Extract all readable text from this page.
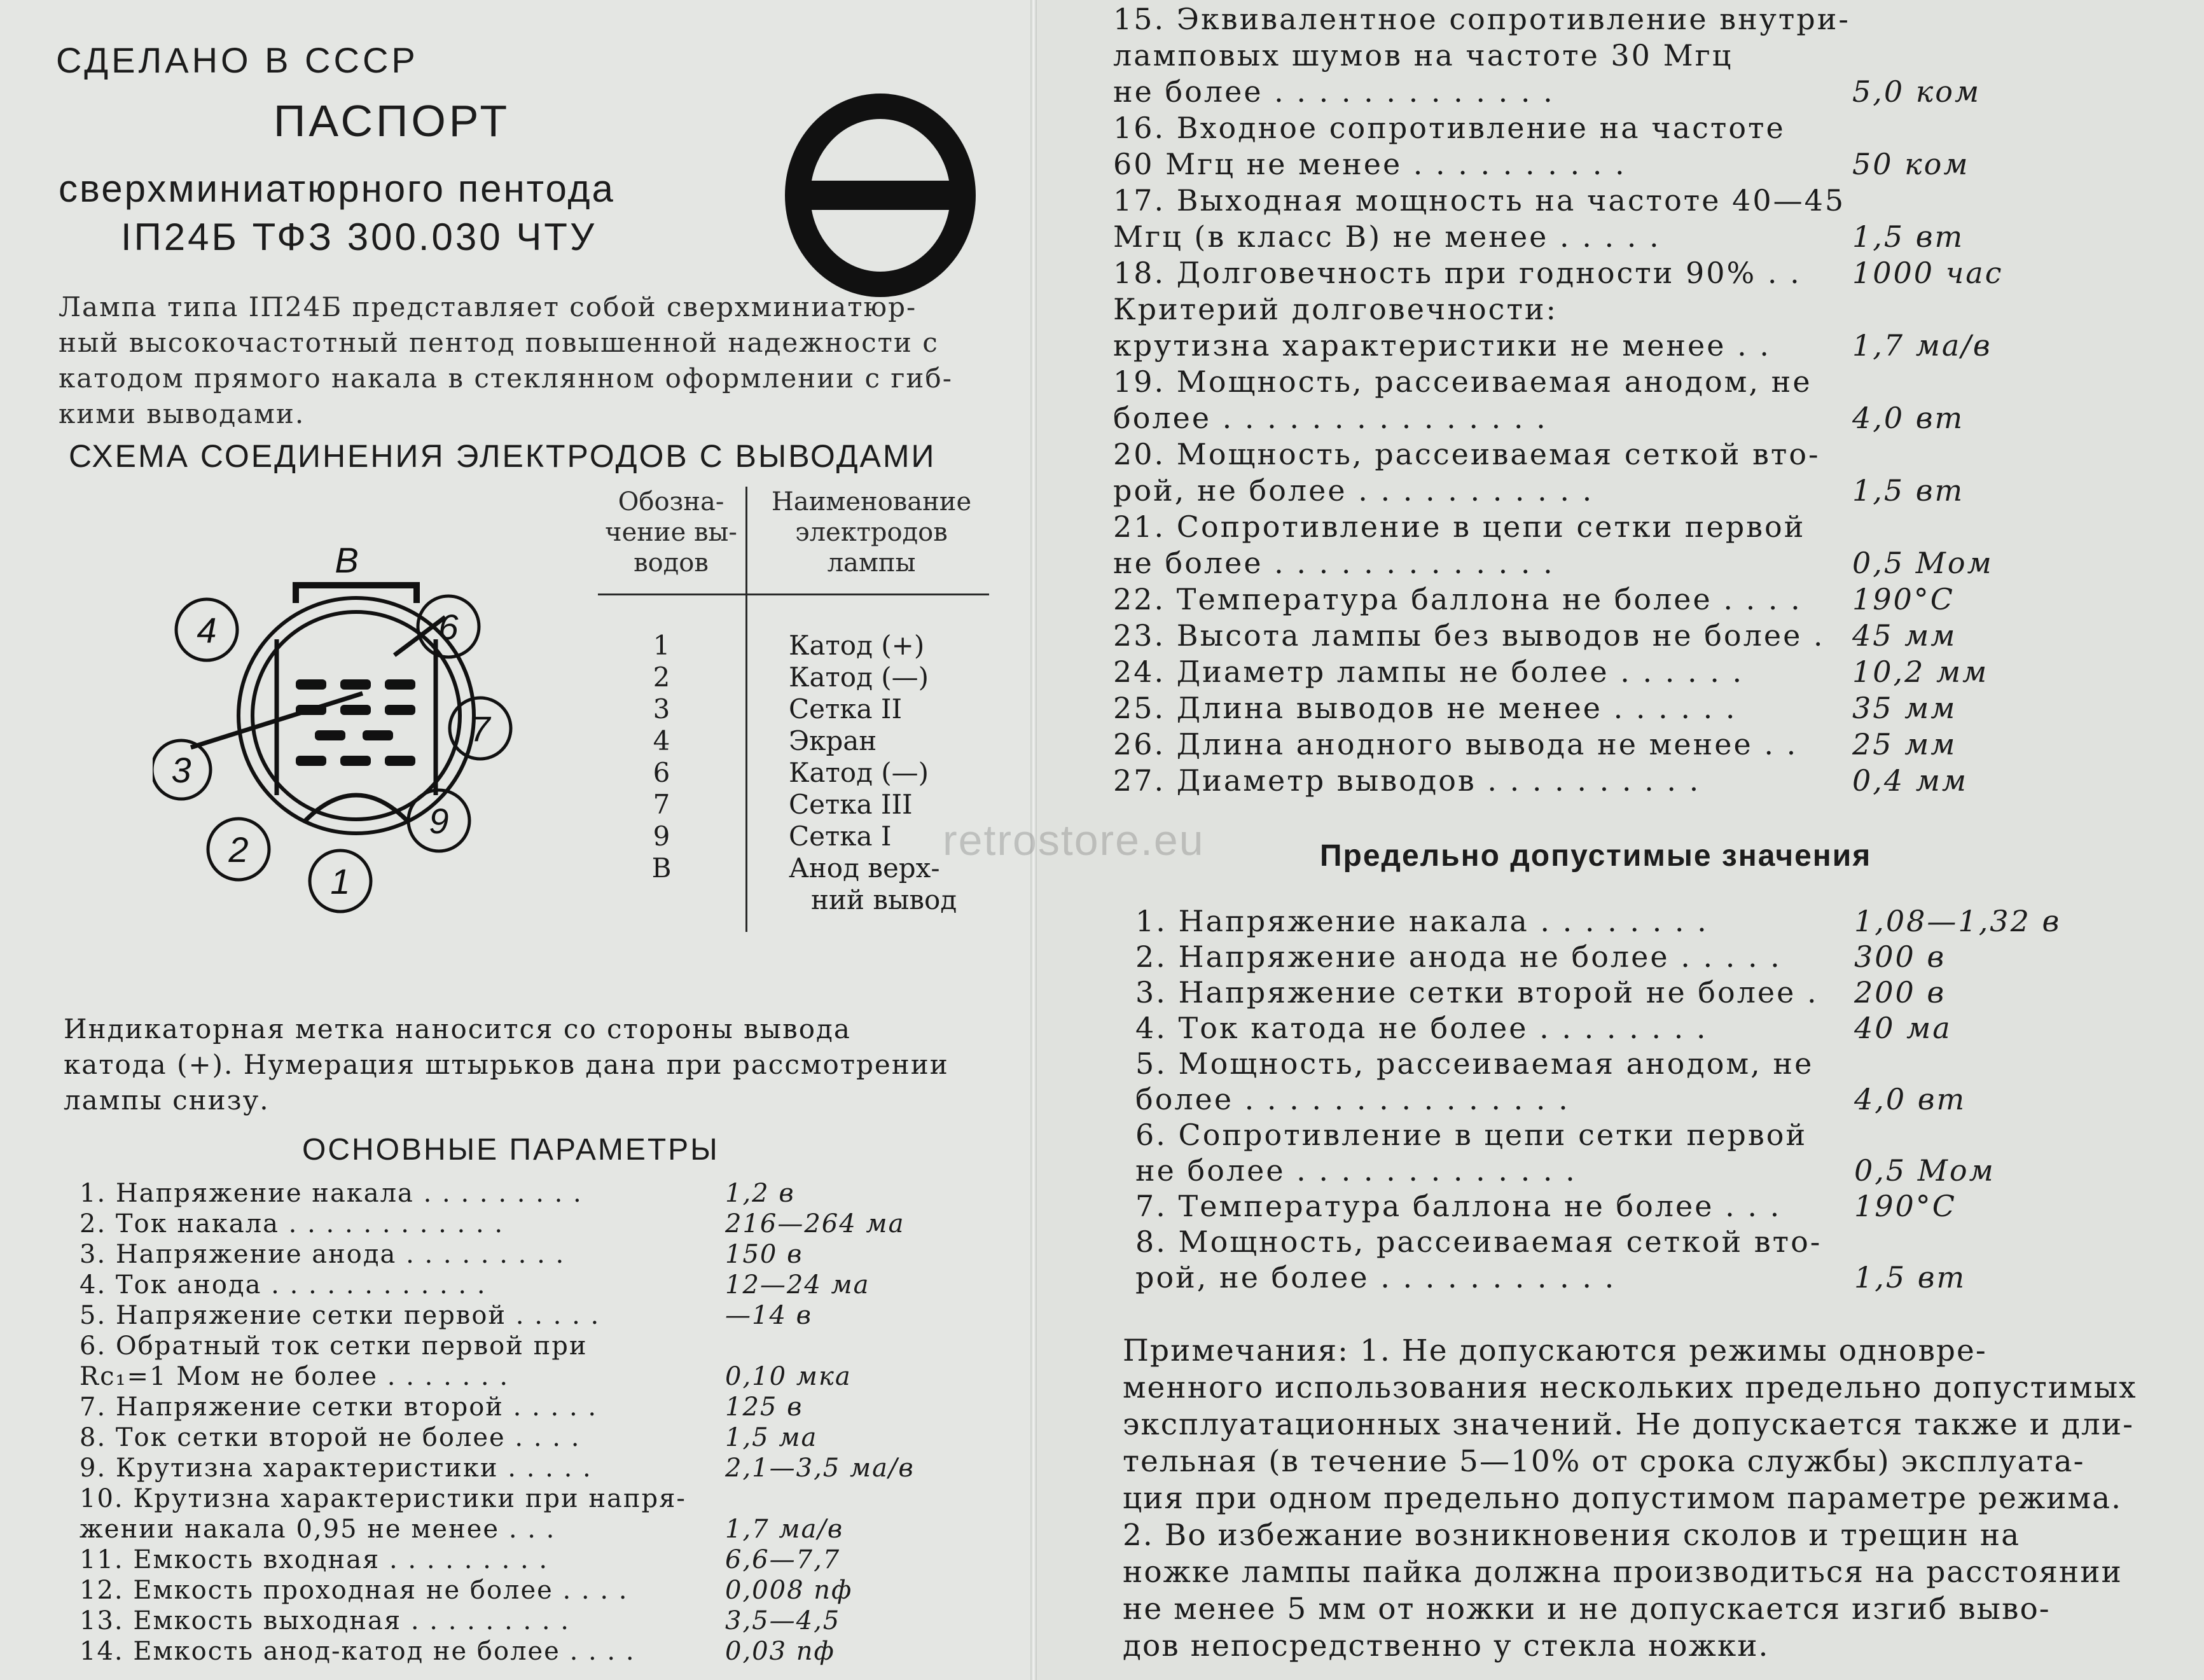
СДЕЛАНО В СССР
ПАСПОРТ
сверхминиатюрного пентода
IП24Б ТФЗ 300.030 ЧТУ
Лампа типа IП24Б представляет собой сверхминиатюр-
ный высокочастотный пентод повышенной надежности с
катодом прямого накала в стеклянном оформлении с гиб-
кими выводами.
СХЕМА СОЕДИНЕНИЯ ЭЛЕКТРОДОВ С ВЫВОДАМИ
4	6
3
7
2
9
1
В
Обозна-
чение вы-
водов
Наименование
электродов
лампы
1	Катод (+)
2	Катод (—)
3	Сетка II
4	Экран
6	Катод (—)
7	Сетка III
9	Сетка I
В	Анод верх-
ний вывод
Индикаторная метка наносится со стороны вывода
катода (+). Нумерация штырьков дана при рассмотрении
лампы снизу.
ОСНОВНЫЕ ПАРАМЕТРЫ
1. Напряжение накала . . . . . . . . .	1,2 в
2. Ток накала . . . . . . . . . . . .	216—264 ма
3. Напряжение анода . . . . . . . . .	150 в
4. Ток анода . . . . . . . . . . . .	12—24 ма
5. Напряжение сетки первой . . . . .	—14 в
6. Обратный ток сетки первой при
Rc₁=1 Мом не более . . . . . . .	0,10 мка
7. Напряжение сетки второй . . . . .	125 в
8. Ток сетки второй не более . . . .	1,5 ма
9. Крутизна характеристики . . . . .	2,1—3,5 ма/в
10. Крутизна характеристики при напря-
жении накала 0,95 не менее . . .	1,7 ма/в
11. Емкость входная . . . . . . . . .	6,6—7,7
12. Емкость проходная не более . . . .	0,008 пф
13. Емкость выходная . . . . . . . . .	3,5—4,5
14. Емкость анод-катод не более . . . .	0,03 пф
15. Эквивалентное сопротивление внутри-
ламповых шумов на частоте 30 Мгц
не более . . . . . . . . . . . . .	5,0 ком
16. Входное сопротивление на частоте
60 Мгц не менее . . . . . . . . . .	50 ком
17. Выходная мощность на частоте 40—45
Мгц (в класс В) не менее . . . . .	1,5 вт
18. Долговечность при годности 90% . . 1000 час
Критерий долговечности:
крутизна характеристики не менее . .	1,7 ма/в
19. Мощность, рассеиваемая анодом, не
более . . . . . . . . . . . . . . .	4,0 вт
20. Мощность, рассеиваемая сеткой вто-
рой, не более . . . . . . . . . . .	1,5 вт
21. Сопротивление в цепи сетки первой
не более . . . . . . . . . . . . .	0,5 Мом
22. Температура баллона не более . . . . 190°С
23. Высота лампы без выводов не более . 45 мм
24. Диаметр лампы не более . . . . . .	10,2 мм
25. Длина выводов не менее . . . . . .	35 мм
26. Длина анодного вывода не менее . . 25 мм
27. Диаметр выводов . . . . . . . . . .	0,4 мм
Предельно допустимые значения
1. Напряжение накала . . . . . . . .	1,08—1,32 в
2. Напряжение анода не более . . . . . 300 в
3. Напряжение сетки второй не более . 200 в
4. Ток катода не более . . . . . . . .	40 ма
5. Мощность, рассеиваемая анодом, не
более . . . . . . . . . . . . . . .	4,0 вт
6. Сопротивление в цепи сетки первой
не более . . . . . . . . . . . . .	0,5 Мом
7. Температура баллона не более . . . 190°С
8. Мощность, рассеиваемая сеткой вто-
рой, не более . . . . . . . . . . .	1,5 вт
Примечания: 1. Не допускаются режимы одновре-
менного использования нескольких предельно допустимых
эксплуатационных значений. Не допускается также и дли-
тельная (в течение 5—10% от срока службы) эксплуата-
ция при одном предельно допустимом параметре режима.
2. Во избежание возникновения сколов и трещин на
ножке лампы пайка должна производиться на расстоянии
не менее 5 мм от ножки и не допускается изгиб выво-
дов непосредственно у стекла ножки.
retrostore.eu
